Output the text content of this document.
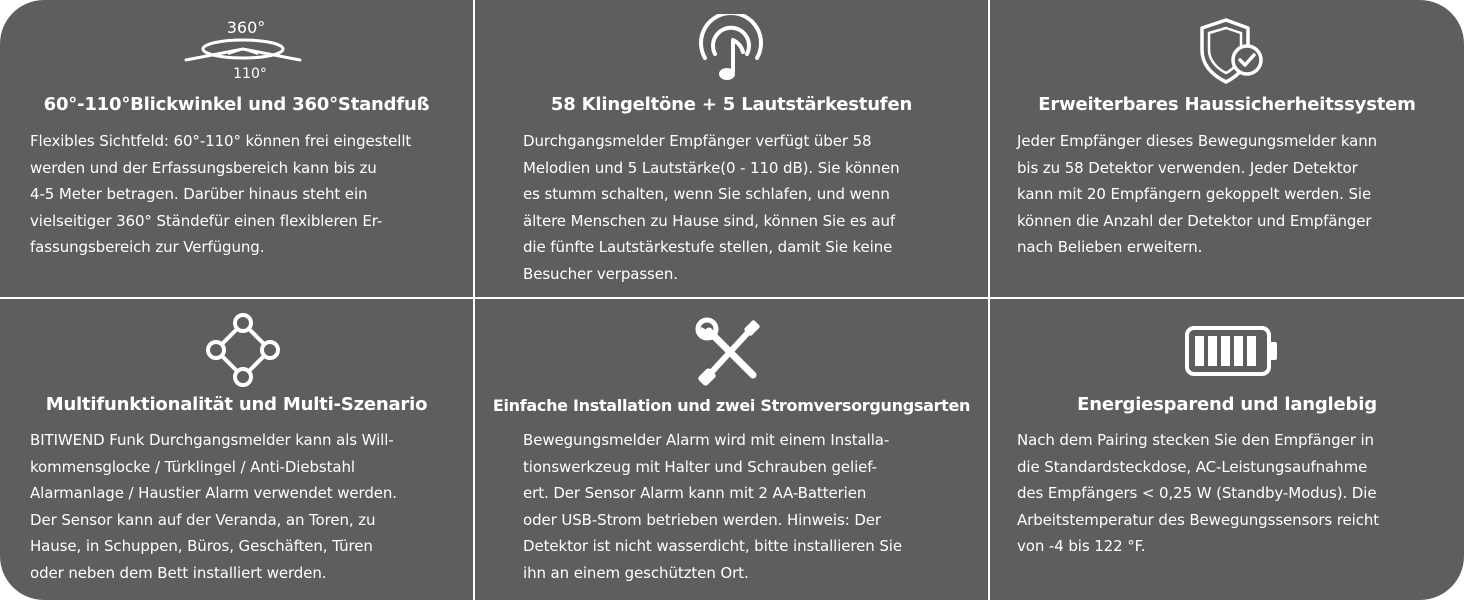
360°
110°
60°-110°Blickwinkel und 360°Standfuß
Flexibles Sichtfeld: 60°-110° können frei eingestellt
werden und der Erfassungsbereich kann bis zu
4-5 Meter betragen. Darüber hinaus steht ein
vielseitiger 360° Ständefür einen flexibleren Er-
fassungsbereich zur Verfügung.
58 Klingeltöne + 5 Lautstärkestufen
Durchgangsmelder Empfänger verfügt über 58
Melodien und 5 Lautstärke(0 - 110 dB). Sie können
es stumm schalten, wenn Sie schlafen, und wenn
ältere Menschen zu Hause sind, können Sie es auf
die fünfte Lautstärkestufe stellen, damit Sie keine
Besucher verpassen.
Erweiterbares Haussicherheitssystem
Jeder Empfänger dieses Bewegungsmelder kann
bis zu 58 Detektor verwenden. Jeder Detektor
kann mit 20 Empfängern gekoppelt werden. Sie
können die Anzahl der Detektor und Empfänger
nach Belieben erweitern.
Multifunktionalität und Multi-Szenario
BITIWEND Funk Durchgangsmelder kann als Will-
kommensglocke / Türklingel / Anti-Diebstahl
Alarmanlage / Haustier Alarm verwendet werden.
Der Sensor kann auf der Veranda, an Toren, zu
Hause, in Schuppen, Büros, Geschäften, Türen
oder neben dem Bett installiert werden.
Einfache Installation und zwei Stromversorgungsarten
Bewegungsmelder Alarm wird mit einem Installa-
tionswerkzeug mit Halter und Schrauben gelief-
ert. Der Sensor Alarm kann mit 2 AA-Batterien
oder USB-Strom betrieben werden. Hinweis: Der
Detektor ist nicht wasserdicht, bitte installieren Sie
ihn an einem geschützten Ort.
Energiesparend und langlebig
Nach dem Pairing stecken Sie den Empfänger in
die Standardsteckdose, AC-Leistungsaufnahme
des Empfängers < 0,25 W (Standby-Modus). Die
Arbeitstemperatur des Bewegungssensors reicht
von -4 bis 122 °F.
